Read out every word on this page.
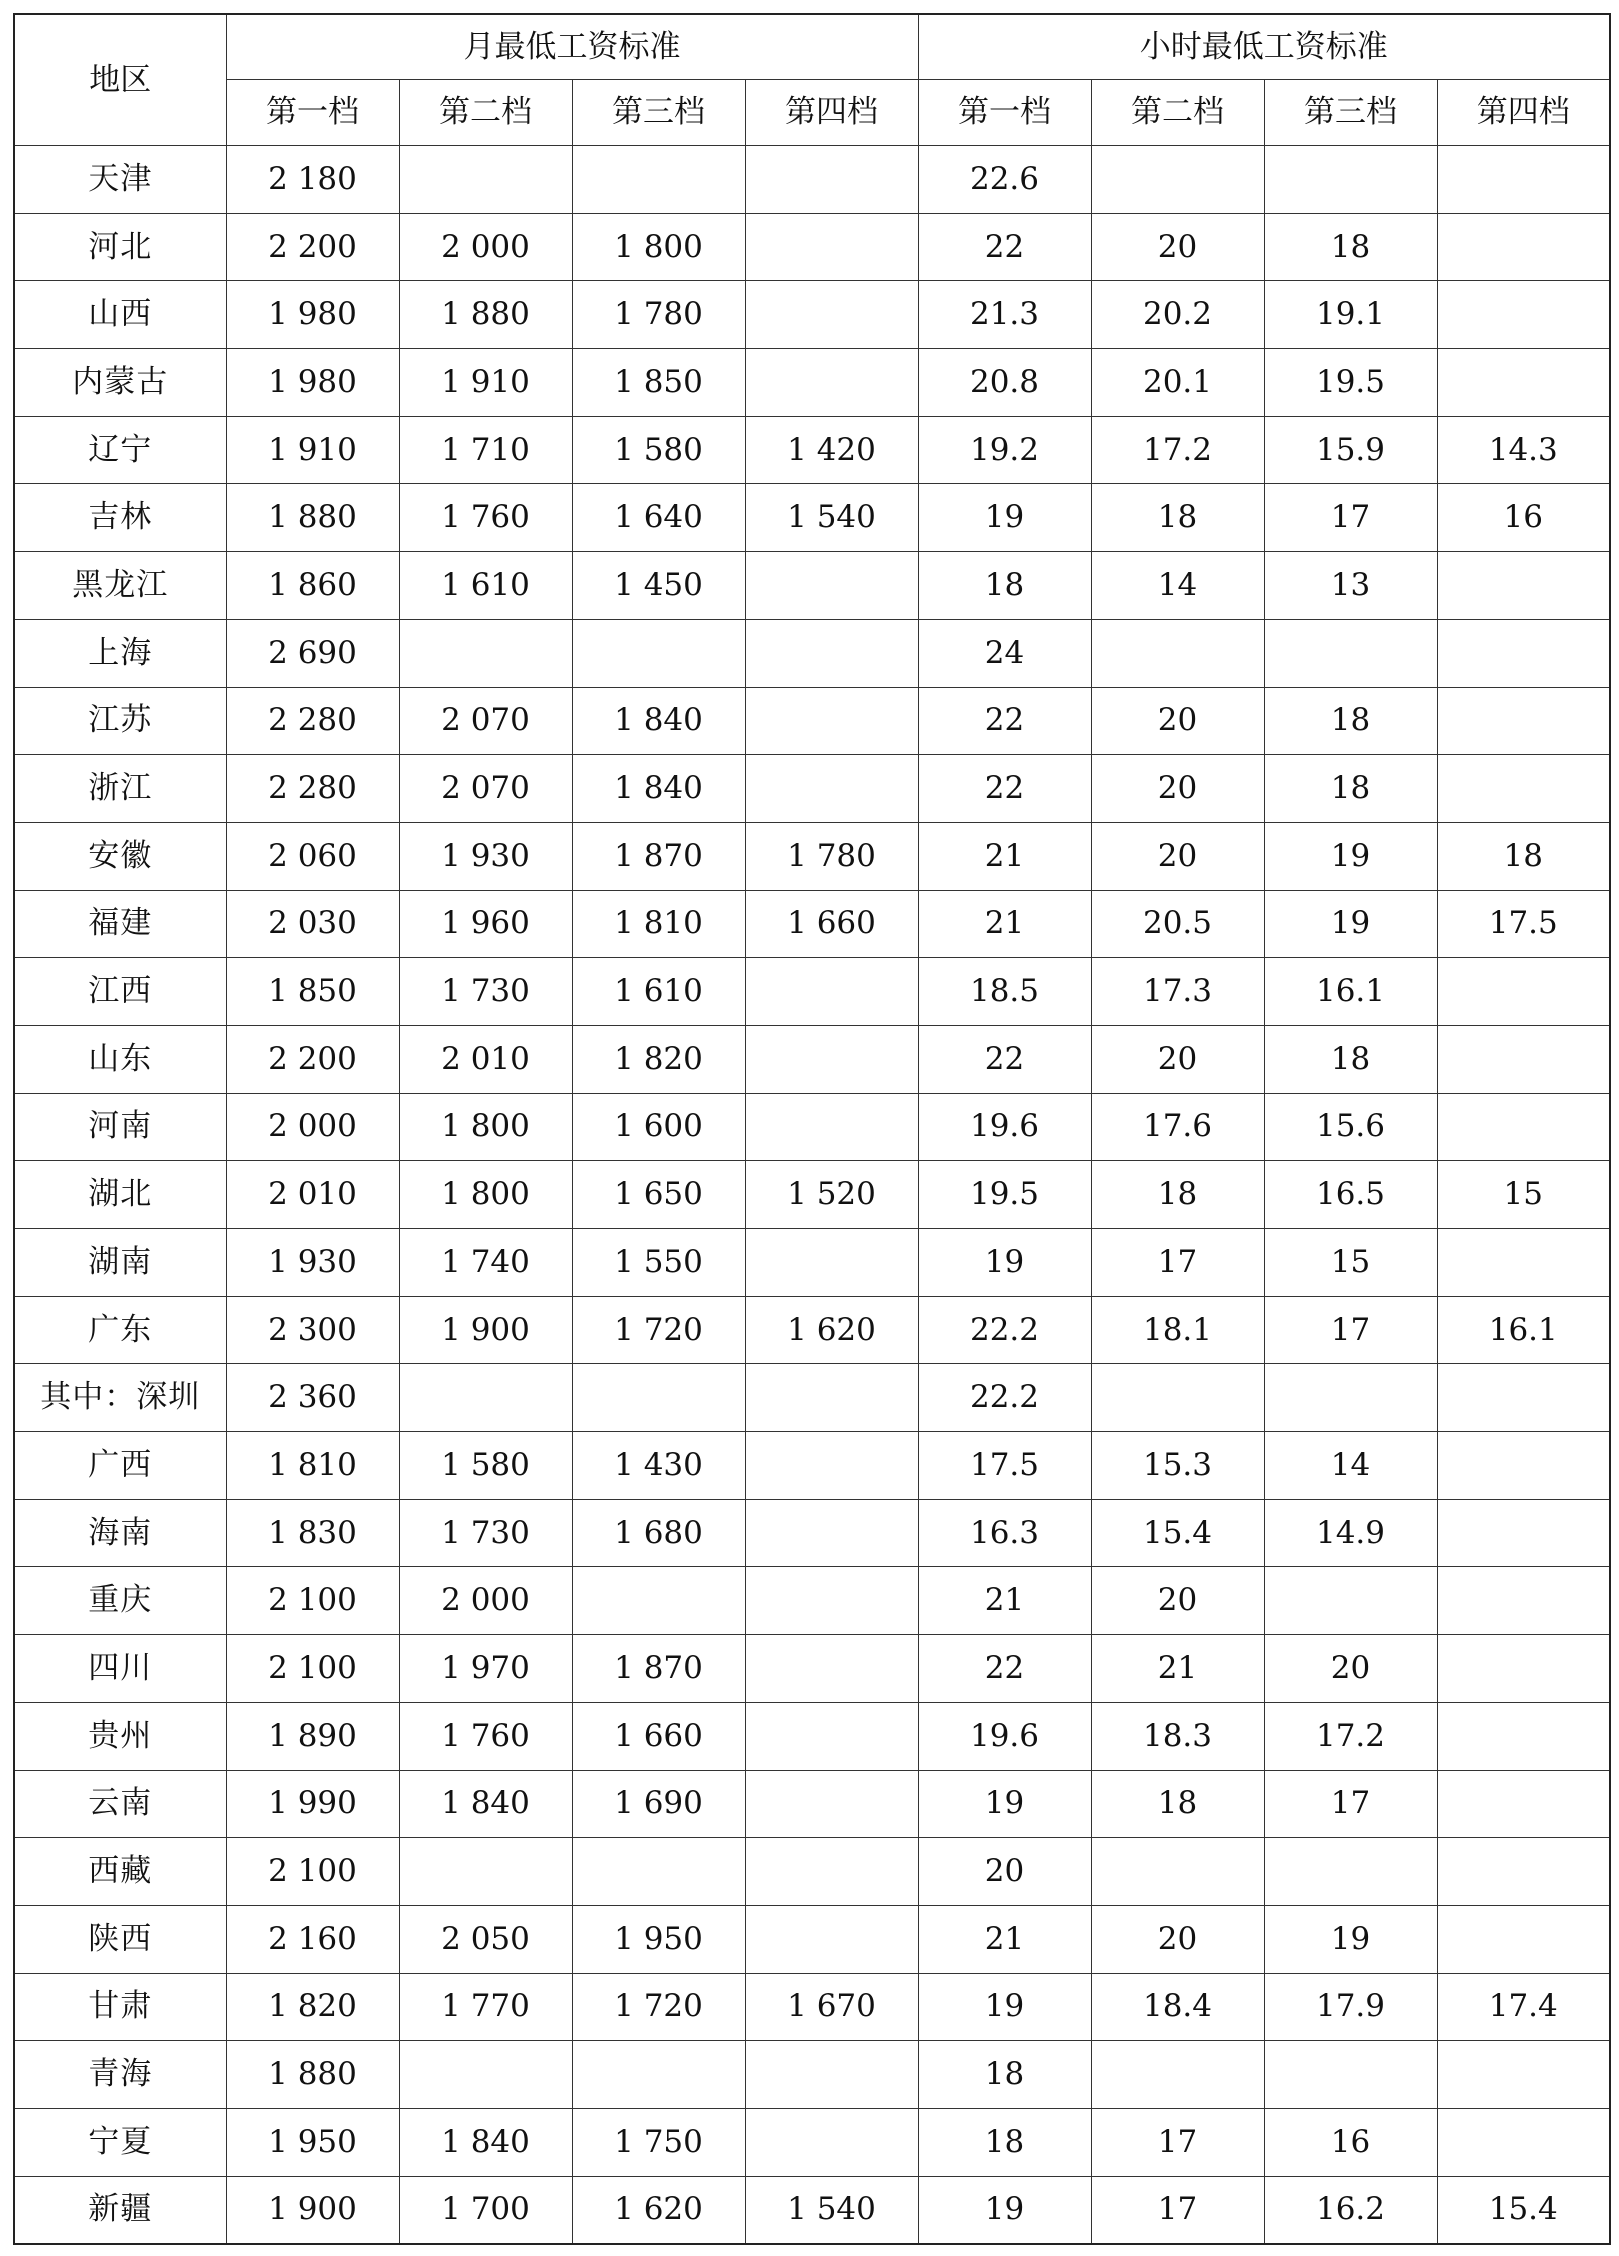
地区	月最低工资标准				小时最低工资标准			
	第一档	第二档	第三档	第四档	第一档	第二档	第三档	第四档
天津	2 180				22.6			
河北	2 200	2 000	1 800		22	20	18	
山西	1 980	1 880	1 780		21.3	20.2	19.1	
内蒙古	1 980	1 910	1 850		20.8	20.1	19.5	
辽宁	1 910	1 710	1 580	1 420	19.2	17.2	15.9	14.3
吉林	1 880	1 760	1 640	1 540	19	18	17	16
黑龙江	1 860	1 610	1 450		18	14	13	
上海	2 690				24			
江苏	2 280	2 070	1 840		22	20	18	
浙江	2 280	2 070	1 840		22	20	18	
安徽	2 060	1 930	1 870	1 780	21	20	19	18
福建	2 030	1 960	1 810	1 660	21	20.5	19	17.5
江西	1 850	1 730	1 610		18.5	17.3	16.1	
山东	2 200	2 010	1 820		22	20	18	
河南	2 000	1 800	1 600		19.6	17.6	15.6	
湖北	2 010	1 800	1 650	1 520	19.5	18	16.5	15
湖南	1 930	1 740	1 550		19	17	15	
广东	2 300	1 900	1 720	1 620	22.2	18.1	17	16.1
其中：深圳	2 360				22.2			
广西	1 810	1 580	1 430		17.5	15.3	14	
海南	1 830	1 730	1 680		16.3	15.4	14.9	
重庆	2 100	2 000			21	20		
四川	2 100	1 970	1 870		22	21	20	
贵州	1 890	1 760	1 660		19.6	18.3	17.2	
云南	1 990	1 840	1 690		19	18	17	
西藏	2 100				20			
陕西	2 160	2 050	1 950		21	20	19	
甘肃	1 820	1 770	1 720	1 670	19	18.4	17.9	17.4
青海	1 880				18			
宁夏	1 950	1 840	1 750		18	17	16	
新疆	1 900	1 700	1 620	1 540	19	17	16.2	15.4
